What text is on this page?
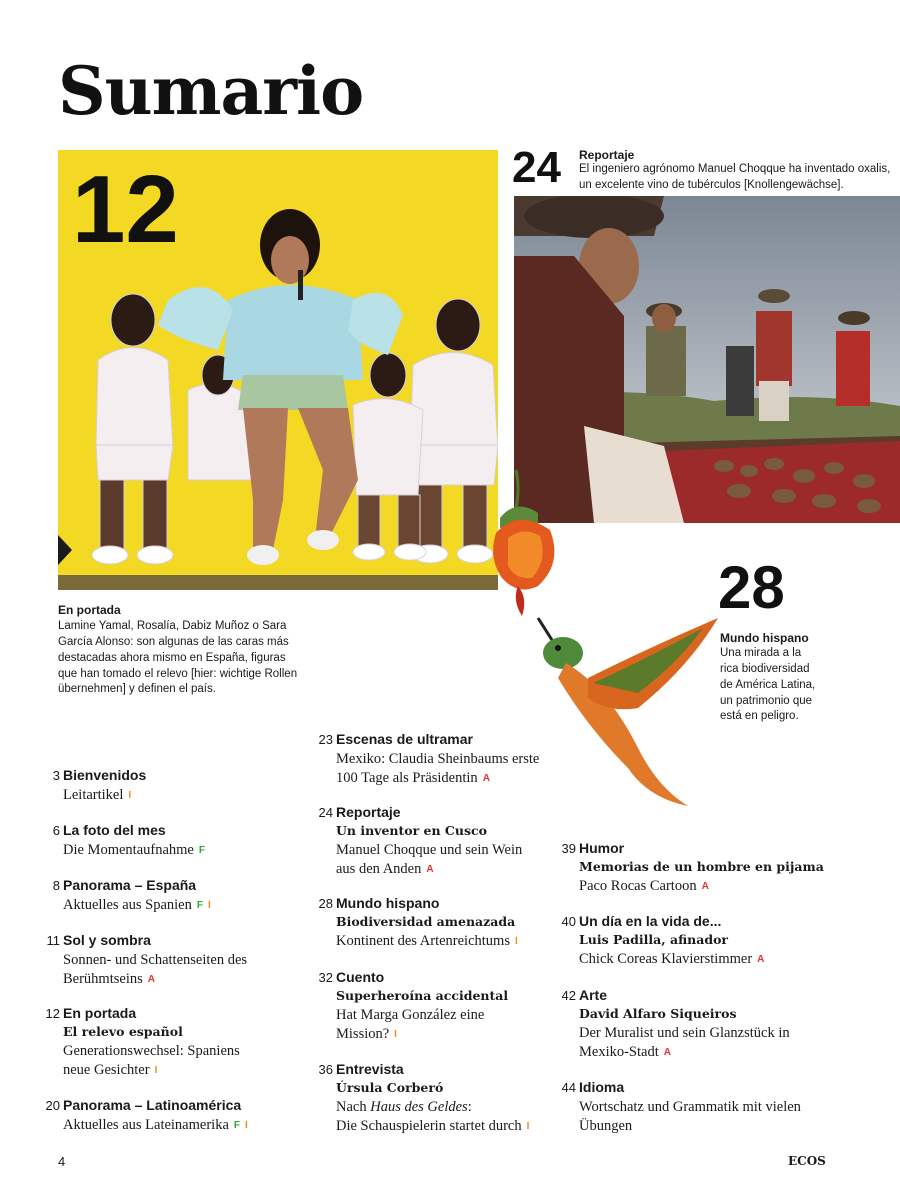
Sumario
12
En portada
Lamine Yamal, Rosalía, Dabiz Muñoz o Sara
García Alonso: son algunas de las caras más
destacadas ahora mismo en España, figuras
que han tomado el relevo [hier: wichtige Rollen
übernehmen] y definen el país.
24 Reportaje
El ingeniero agrónomo Manuel Choqque ha inventado oxalis,
un excelente vino de tubérculos [Knollengewächse].
28
Mundo hispano
Una mirada a la
rica biodiversidad
de América Latina,
un patrimonio que
está en peligro.
3 Bienvenidos
Leitartikel I
6 La foto del mes
Die Momentaufnahme F
8 Panorama – España
Aktuelles aus Spanien F I
11 Sol y sombra
Sonnen- und Schattenseiten des
Berühmtseins A
12 En portada
El relevo español
Generationswechsel: Spaniens
neue Gesichter I
20 Panorama – Latinoamérica
Aktuelles aus Lateinamerika F I
23 Escenas de ultramar
Mexiko: Claudia Sheinbaums erste
100 Tage als Präsidentin A
24 Reportaje
Un inventor en Cusco
Manuel Choqque und sein Wein
aus den Anden A
28 Mundo hispano
Biodiversidad amenazada
Kontinent des Artenreichtums I
32 Cuento
Superheroína accidental
Hat Marga González eine
Mission? I
36 Entrevista
Úrsula Corberó
Nach Haus des Geldes:
Die Schauspielerin startet durch I
39 Humor
Memorias de un hombre en pijama
Paco Rocas Cartoon A
40 Un día en la vida de...
Luis Padilla, afinador
Chick Coreas Klavierstimmer A
42 Arte
David Alfaro Siqueiros
Der Muralist und sein Glanzstück in
Mexiko-Stadt A
44 Idioma
Wortschatz und Grammatik mit vielen
Übungen
4	ECOS
